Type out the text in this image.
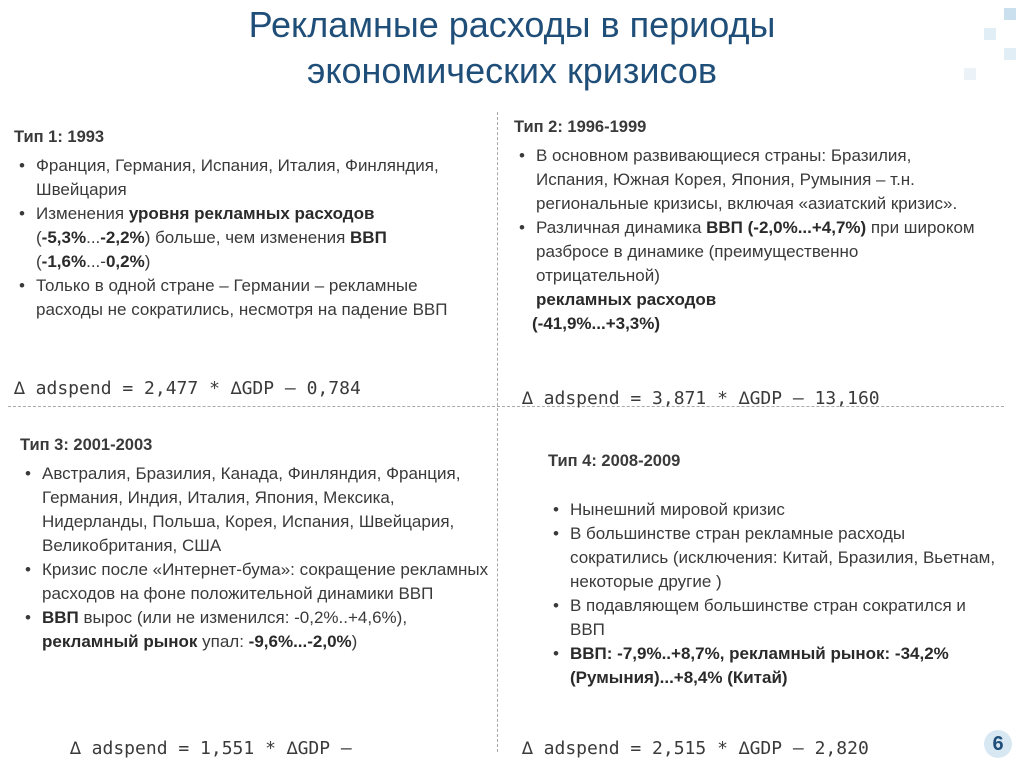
Рекламные расходы в периоды
экономических кризисов
Тип 1: 1993
• Франция, Германия, Испания, Италия, Финляндия, Швейцария
• Изменения уровня рекламных расходов (-5,3%...-2,2%) больше, чем изменения ВВП (-1,6%...-0,2%)
• Только в одной стране – Германии – рекламные расходы не сократились, несмотря на падение ВВП
∆ adspend = 2,477 * ∆GDP – 0,784
Тип 2: 1996-1999
• В основном развивающиеся страны: Бразилия, Испания, Южная Корея, Япония, Румыния – т.н. региональные кризисы, включая «азиатский кризис».
• Различная динамика ВВП (-2,0%...+4,7%) при широком разбросе в динамике (преимущественно отрицательной)
рекламных расходов
(-41,9%...+3,3%)
∆ adspend = 3,871 * ∆GDP – 13,160
Тип 3: 2001-2003
• Австралия, Бразилия, Канада, Финляндия, Франция, Германия, Индия, Италия, Япония, Мексика, Нидерланды, Польша, Корея, Испания, Швейцария, Великобритания, США
• Кризис после «Интернет-бума»: сокращение рекламных расходов на фоне положительной динамики ВВП
• ВВП вырос (или не изменился: -0,2%..+4,6%), рекламный рынок упал: -9,6%...-2,0%)
∆ adspend = 1,551 * ∆GDP –
Тип 4: 2008-2009
• Нынешний мировой кризис
• В большинстве стран рекламные расходы сократились (исключения: Китай, Бразилия, Вьетнам, некоторые другие )
• В подавляющем большинстве стран сократился и ВВП
• ВВП: -7,9%..+8,7%, рекламный рынок: -34,2% (Румыния)...+8,4% (Китай)
∆ adspend = 2,515 * ∆GDP – 2,820	6
